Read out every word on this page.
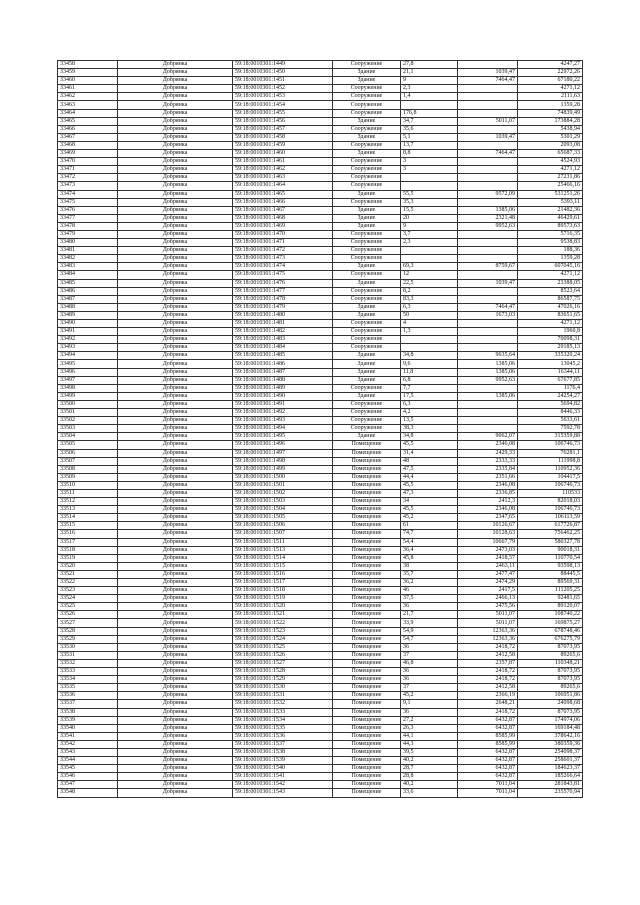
33458	Добрянка	59:18:0010301:1449	Сооружение	27,8		4247,27
33459	Добрянка	59:18:0010301:1450	Здание	21,1	1039,47	22972,26
33460	Добрянка	59:18:0010301:1451	Здание	9	7464,47	67180,22
33461	Добрянка	59:18:0010301:1452	Сооружение	2,3		4271,12
33462	Добрянка	59:18:0010301:1453	Сооружение	1,4		2111,63
33463	Добрянка	59:18:0010301:1454	Сооружение			1359,28
33464	Добрянка	59:18:0010301:1455	Сооружение	176,8		74839,49
33465	Добрянка	59:18:0010301:1456	Здание	34,7	5011,07	173884,28
33466	Добрянка	59:18:0010301:1457	Сооружение	35,6		5438,94
33467	Добрянка	59:18:0010301:1458	Здание	5,1	1039,47	5301,29
33468	Добрянка	59:18:0010301:1459	Сооружение	13,7		2093,08
33469	Добрянка	59:18:0010301:1460	Здание	8,8	7464,47	65687,33
33470	Добрянка	59:18:0010301:1461	Сооружение	3		4524,93
33471	Добрянка	59:18:0010301:1462	Сооружение	3		4271,12
33472	Добрянка	59:18:0010301:1463	Сооружение			27231,86
33473	Добрянка	59:18:0010301:1464	Сооружение			25466,16
33474	Добрянка	59:18:0010301:1465	Здание	55,5	9572,09	531251,26
33475	Добрянка	59:18:0010301:1466	Сооружение	35,3		5393,11
33476	Добрянка	59:18:0010301:1467	Здание	15,5	1385,06	21482,36
33477	Добрянка	59:18:0010301:1468	Здание	20	2321,48	46429,61
33478	Добрянка	59:18:0010301:1469	Здание	9	9952,63	89573,63
33479	Добрянка	59:18:0010301:1470	Сооружение	3,7		5716,35
33480	Добрянка	59:18:0010301:1471	Сооружение	2,3		9538,83
33481	Добрянка	59:18:0010301:1472	Сооружение			188,36
33482	Добрянка	59:18:0010301:1473	Сооружение			1359,28
33483	Добрянка	59:18:0010301:1474	Здание	69,3	8759,67	607045,16
33484	Добрянка	59:18:0010301:1475	Сооружение	12		4271,12
33485	Добрянка	59:18:0010301:1476	Здание	22,5	1039,47	23388,05
33486	Добрянка	59:18:0010301:1477	Сооружение	8,2		8523,64
33487	Добрянка	59:18:0010301:1478	Сооружение	83,3		86587,75
33488	Добрянка	59:18:0010301:1479	Здание	6,3	7464,47	47026,16
33489	Добрянка	59:18:0010301:1480	Здание	50	1673,03	83651,65
33490	Добрянка	59:18:0010301:1481	Сооружение	4		4271,12
33491	Добрянка	59:18:0010301:1482	Сооружение	1,3		1960,8
33492	Добрянка	59:18:0010301:1483	Сооружение			70098,31
33493	Добрянка	59:18:0010301:1484	Сооружение			29185,13
33494	Добрянка	59:18:0010301:1485	Здание	34,8	9635,64	335320,24
33495	Добрянка	59:18:0010301:1486	Здание	9,6	1385,06	13045,2
33496	Добрянка	59:18:0010301:1487	Здание	11,8	1385,06	16344,11
33497	Добрянка	59:18:0010301:1488	Здание	6,8	9952,63	67677,85
33498	Добрянка	59:18:0010301:1489	Сооружение	7,7		1176,4
33499	Добрянка	59:18:0010301:1490	Здание	17,5	1385,06	24254,27
33500	Добрянка	59:18:0010301:1491	Сооружение	6,3		5694,82
33501	Добрянка	59:18:0010301:1492	Сооружение	4,2		8446,33
33502	Добрянка	59:18:0010301:1493	Сооружение	13,5		5633,61
33503	Добрянка	59:18:0010301:1494	Сооружение	38,3		7592,78
33504	Добрянка	59:18:0010301:1495	Здание	34,8	9062,07	315359,88
33505	Добрянка	59:18:0010301:1496	Помещение	45,5	2346,08	106746,73
33506	Добрянка	59:18:0010301:1497	Помещение	31,4	2429,33	76281,1
33507	Добрянка	59:18:0010301:1498	Помещение	48	2333,33	111998,8
33508	Добрянка	59:18:0010301:1499	Помещение	47,5	2335,84	110952,36
33509	Добрянка	59:18:0010301:1500	Помещение	44,4	2351,66	104417,5
33510	Добрянка	59:18:0010301:1501	Помещение	45,5	2346,08	106746,73
33511	Добрянка	59:18:0010301:1502	Помещение	47,3	2336,85	110533
33512	Добрянка	59:18:0010301:1503	Помещение	34	2412,3	82018,03
33513	Добрянка	59:18:0010301:1504	Помещение	45,5	2346,08	106746,73
33514	Добрянка	59:18:0010301:1505	Помещение	45,2	2347,65	106113,59
33515	Добрянка	59:18:0010301:1506	Помещение	61	10126,67	617726,87
33516	Добрянка	59:18:0010301:1507	Помещение	74,7	10128,63	756462,25
33517	Добрянка	59:18:0010301:1511	Помещение	54,4	10667,79	580327,78
33518	Добрянка	59:18:0010301:1513	Помещение	36,4	2473,03	90018,31
33519	Добрянка	59:18:0010301:1514	Помещение	45,8	2418,57	110770,54
33520	Добрянка	59:18:0010301:1515	Помещение	38	2463,11	93598,13
33521	Добрянка	59:18:0010301:1516	Помещение	35,7	2477,47	88445,5
33522	Добрянка	59:18:0010301:1517	Помещение	36,2	2474,29	89569,31
33523	Добрянка	59:18:0010301:1518	Помещение	46	2417,5	111205,25
33524	Добрянка	59:18:0010301:1519	Помещение	37,5	2466,13	92481,65
33525	Добрянка	59:18:0010301:1520	Помещение	36	2475,56	89120,07
33526	Добрянка	59:18:0010301:1521	Помещение	21,7	5011,07	108740,22
33527	Добрянка	59:18:0010301:1522	Помещение	33,9	5011,07	169875,27
33528	Добрянка	59:18:0010301:1523	Помещение	54,9	12363,36	678748,46
33529	Добрянка	59:18:0010301:1524	Помещение	54,7	12363,36	676275,79
33530	Добрянка	59:18:0010301:1525	Помещение	36	2418,72	87073,95
33531	Добрянка	59:18:0010301:1526	Помещение	37	2412,58	89265,6
33532	Добрянка	59:18:0010301:1527	Помещение	46,8	2357,87	110348,21
33533	Добрянка	59:18:0010301:1528	Помещение	36	2418,72	87073,95
33534	Добрянка	59:18:0010301:1529	Помещение	36	2418,72	87073,95
33535	Добрянка	59:18:0010301:1530	Помещение	37	2412,58	89265,6
33536	Добрянка	59:18:0010301:1531	Помещение	45,2	2366,19	106951,86
33537	Добрянка	59:18:0010301:1532	Помещение	9,1	2648,21	24098,68
33538	Добрянка	59:18:0010301:1533	Помещение	36	2418,72	87073,95
33539	Добрянка	59:18:0010301:1534	Помещение	27,2	6432,87	174974,06
33540	Добрянка	59:18:0010301:1535	Помещение	26,3	6432,87	169184,48
33541	Добрянка	59:18:0010301:1536	Помещение	44,1	8585,99	378642,16
33542	Добрянка	59:18:0010301:1537	Помещение	44,3	8585,99	380359,36
33543	Добрянка	59:18:0010301:1538	Помещение	39,5	6432,87	254098,37
33544	Добрянка	59:18:0010301:1539	Помещение	40,2	6432,87	258601,37
33545	Добрянка	59:18:0010301:1540	Помещение	28,7	6432,87	184623,37
33546	Добрянка	59:18:0010301:1541	Помещение	28,8	6432,87	185266,64
33547	Добрянка	59:18:0010301:1542	Помещение	40,2	7011,04	281843,81
33548	Добрянка	59:18:0010301:1543	Помещение	33,6	7011,04	235570,94
